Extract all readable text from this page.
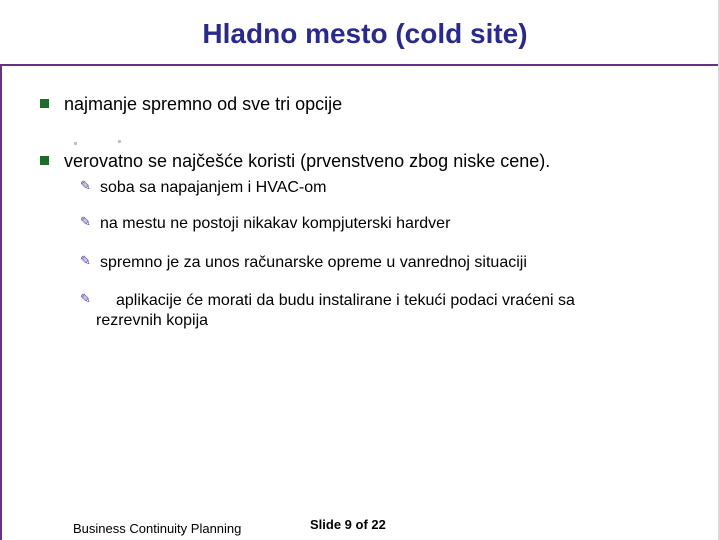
Hladno mesto (cold site)
najmanje spremno od sve tri opcije
verovatno se najčešće koristi (prvenstveno zbog niske cene).
✎ soba sa napajanjem i HVAC-om
✎ na mestu ne postoji nikakav kompjuterski hardver
✎ spremno je za unos računarske opreme u vanrednoj situaciji
✎	aplikacije će morati da budu instalirane i tekući podaci vraćeni sa rezrevnih kopija
Business Continuity Planning	Slide 9 of 22
